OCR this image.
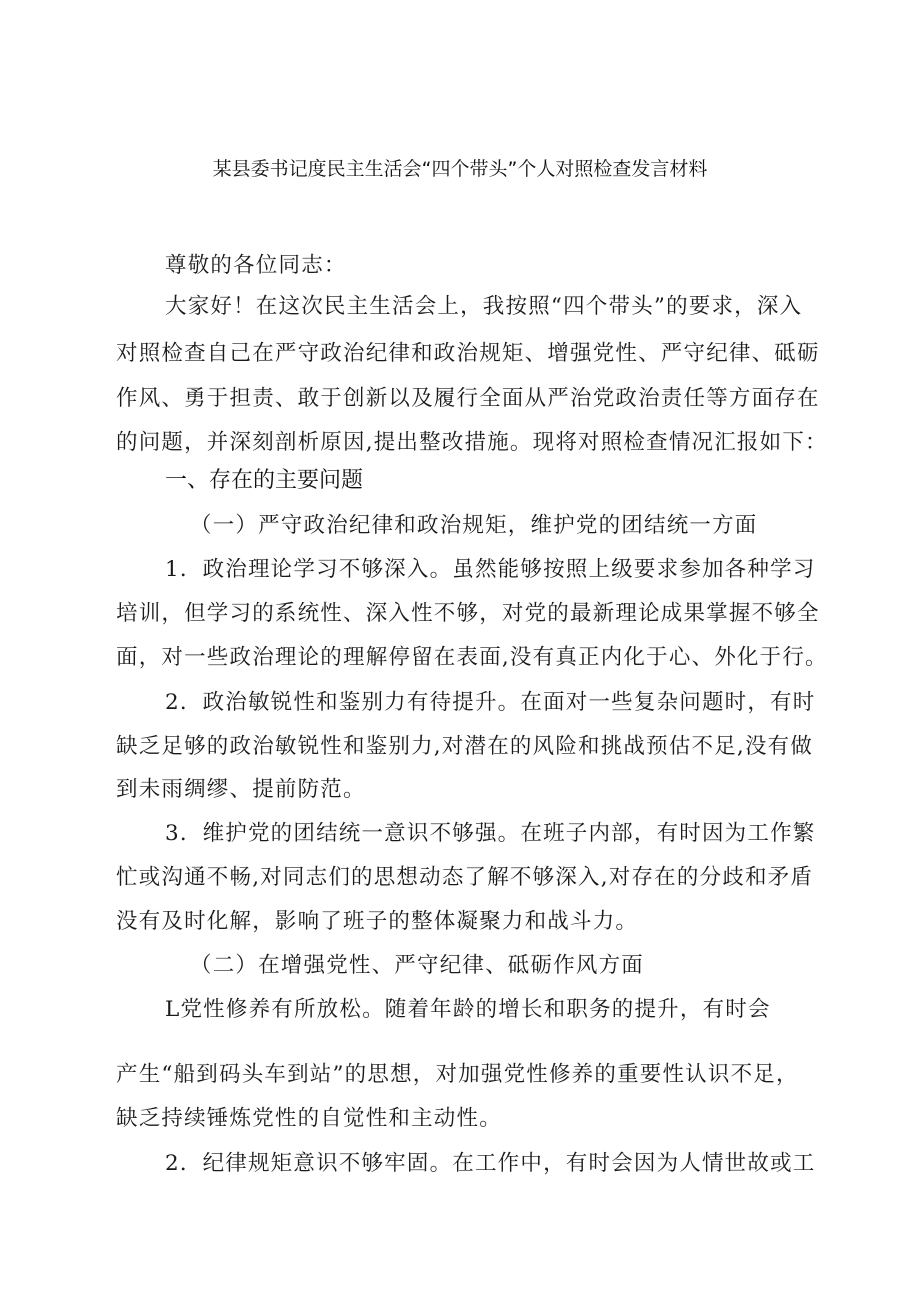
某县委书记度民主生活会“四个带头”个人对照检查发言材料
尊敬的各位同志：
大家好！在这次民主生活会上，我按照“四个带头”的要求，深入
对照检查自己在严守政治纪律和政治规矩、增强党性、严守纪律、砥砺
作风、勇于担责、敢于创新以及履行全面从严治党政治责任等方面存在
的问题，并深刻剖析原因,提出整改措施。现将对照检查情况汇报如下：
一、存在的主要问题
（一）严守政治纪律和政治规矩，维护党的团结统一方面
1．政治理论学习不够深入。虽然能够按照上级要求参加各种学习
培训，但学习的系统性、深入性不够，对党的最新理论成果掌握不够全
面，对一些政治理论的理解停留在表面,没有真正内化于心、外化于行。
2．政治敏锐性和鉴别力有待提升。在面对一些复杂问题时，有时
缺乏足够的政治敏锐性和鉴别力,对潜在的风险和挑战预估不足,没有做
到未雨绸缪、提前防范。
3．维护党的团结统一意识不够强。在班子内部，有时因为工作繁
忙或沟通不畅,对同志们的思想动态了解不够深入,对存在的分歧和矛盾
没有及时化解，影响了班子的整体凝聚力和战斗力。
（二）在增强党性、严守纪律、砥砺作风方面
L党性修养有所放松。随着年龄的增长和职务的提升，有时会
产生“船到码头车到站”的思想，对加强党性修养的重要性认识不足，
缺乏持续锤炼党性的自觉性和主动性。
2．纪律规矩意识不够牢固。在工作中，有时会因为人情世故或工
